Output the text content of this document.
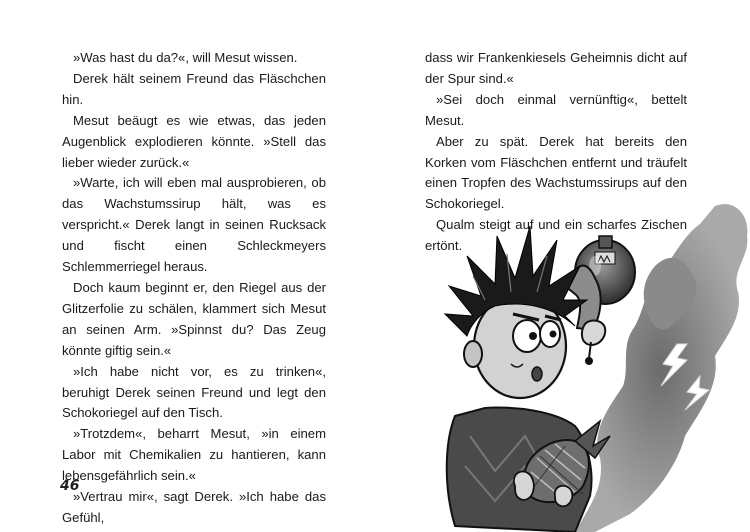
»Was hast du da?«, will Mesut wissen.

Derek hält seinem Freund das Fläschchen hin.

Mesut beäugt es wie etwas, das jeden Augenblick explodieren könnte. »Stell das lieber wieder zurück.«

»Warte, ich will eben mal ausprobieren, ob das Wachstumssirup hält, was es verspricht.« Derek langt in seinen Rucksack und fischt einen Schleckmeyers Schlemmerriegel heraus.

Doch kaum beginnt er, den Riegel aus der Glitzerfolie zu schälen, klammert sich Mesut an seinen Arm. »Spinnst du? Das Zeug könnte giftig sein.«

»Ich habe nicht vor, es zu trinken«, beruhigt Derek seinen Freund und legt den Schokoriegel auf den Tisch.

»Trotzdem«, beharrt Mesut, »in einem Labor mit Chemikalien zu hantieren, kann lebensgefährlich sein.«

»Vertrau mir«, sagt Derek. »Ich habe das Gefühl,

46

dass wir Frankenkiesels Geheimnis dicht auf der Spur sind.«

»Sei doch einmal vernünftig«, bettelt Mesut.

Aber zu spät. Derek hat bereits den Korken vom Fläschchen entfernt und träufelt einen Tropfen des Wachstumssirups auf den Schokoriegel.

Qualm steigt auf und ein scharfes Zischen ertönt.
